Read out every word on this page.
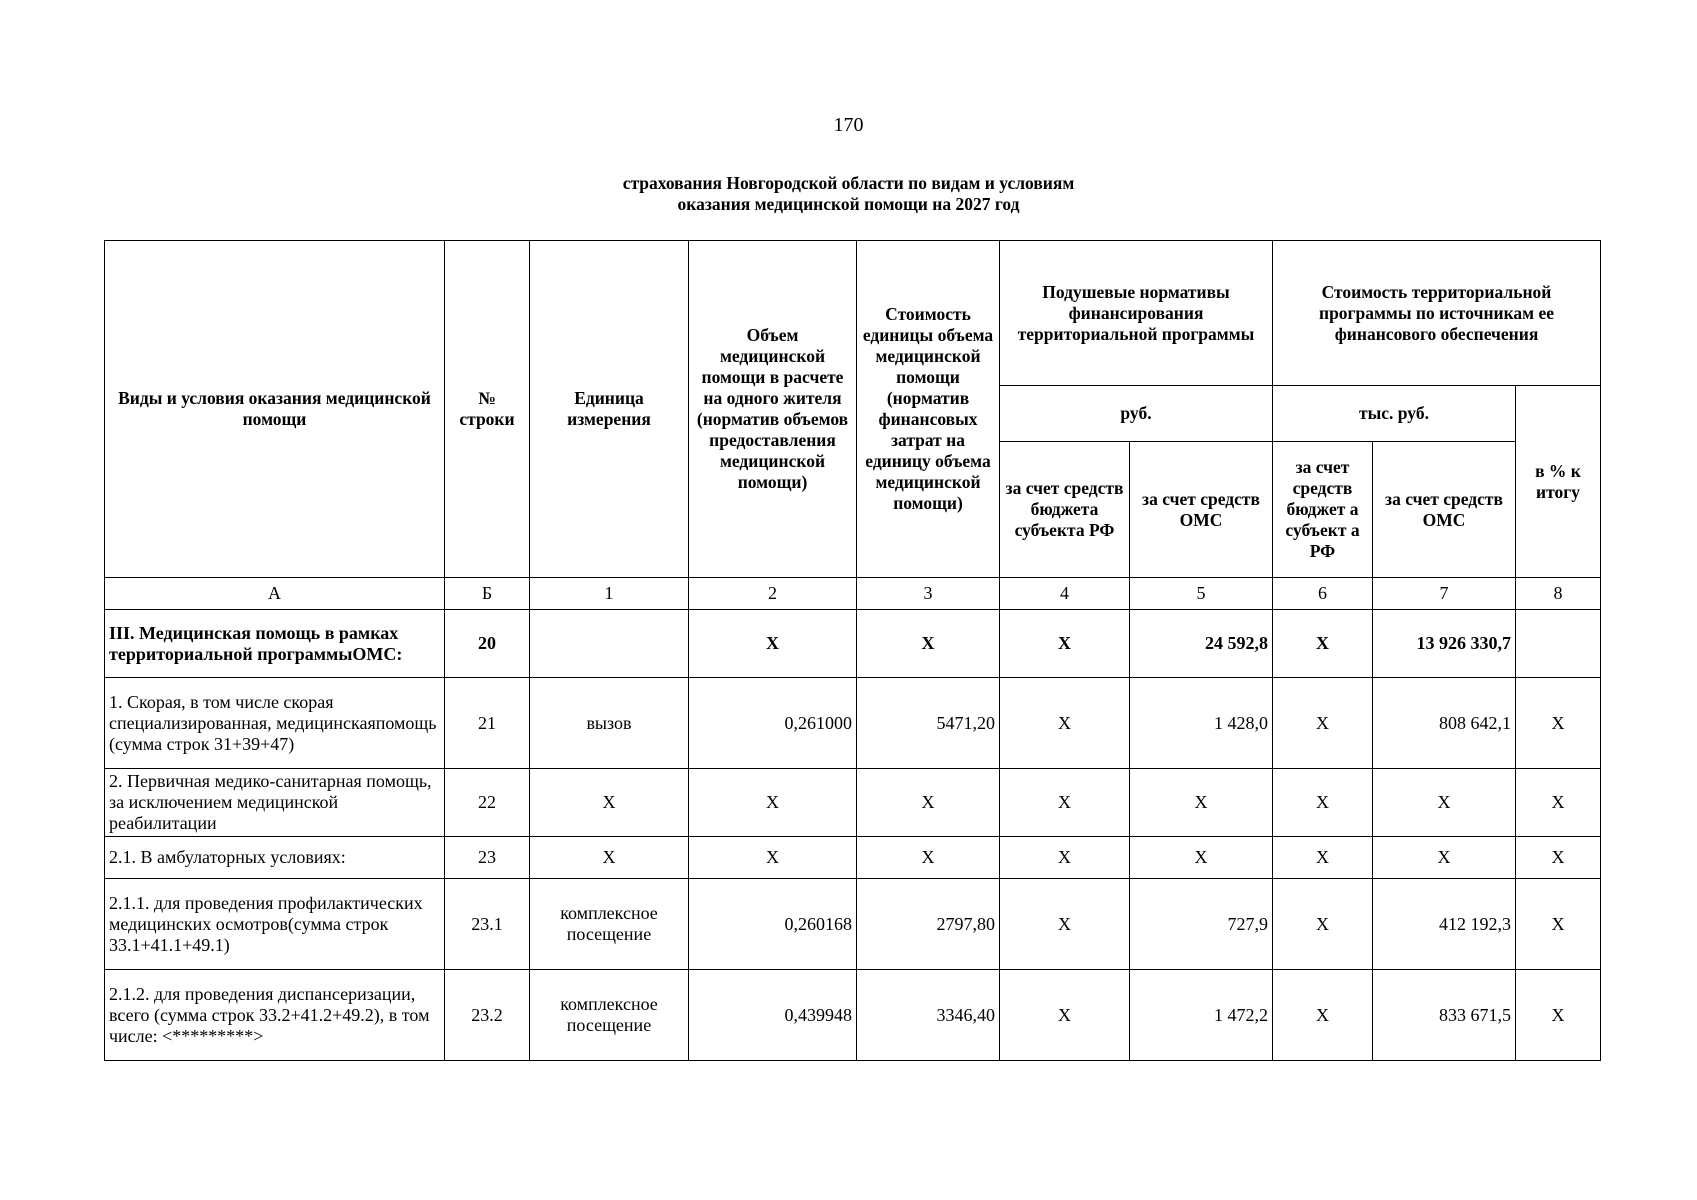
170
страхования Новгородской области по видам и условиям
оказания медицинской помощи на 2027 год
Виды и условия оказания медицинской помощи	№ строки	Единица измерения	Объем медицинской помощи в расчете на одного жителя (норматив объемов предоставления медицинской помощи)	Стоимость единицы объема медицинской помощи (норматив финансовых затрат на единицу объема медицинской помощи)	Подушевые нормативы финансирования территориальной программы		Стоимость территориальной программы по источникам ее финансового обеспечения		
					руб.		тыс. руб.		в % к итогу
					за счет средств бюджета субъекта РФ	за счет средств ОМС	за счет средств бюджет а субъект а РФ	за счет средств ОМС	
А	Б	1	2	3	4	5	6	7	8
III. Медицинская помощь в рамках территориальной программыОМС:	20		Х	Х	Х	24 592,8	Х	13 926 330,7	
1. Скорая, в том числе скорая специализированная, медицинскаяпомощь (сумма строк 31+39+47)	21	вызов	0,261000	5471,20	Х	1 428,0	Х	808 642,1	Х
2. Первичная медико-санитарная помощь, за исключением медицинской реабилитации	22	Х	Х	Х	Х	Х	Х	Х	Х
2.1. В амбулаторных условиях:	23	Х	Х	Х	Х	Х	Х	Х	Х
2.1.1. для проведения профилактических медицинских осмотров(сумма строк 33.1+41.1+49.1)	23.1	комплексное посещение	0,260168	2797,80	Х	727,9	Х	412 192,3	Х
2.1.2. для проведения диспансеризации, всего (сумма строк 33.2+41.2+49.2), в том числе: <*********>	23.2	комплексное посещение	0,439948	3346,40	Х	1 472,2	Х	833 671,5	Х
